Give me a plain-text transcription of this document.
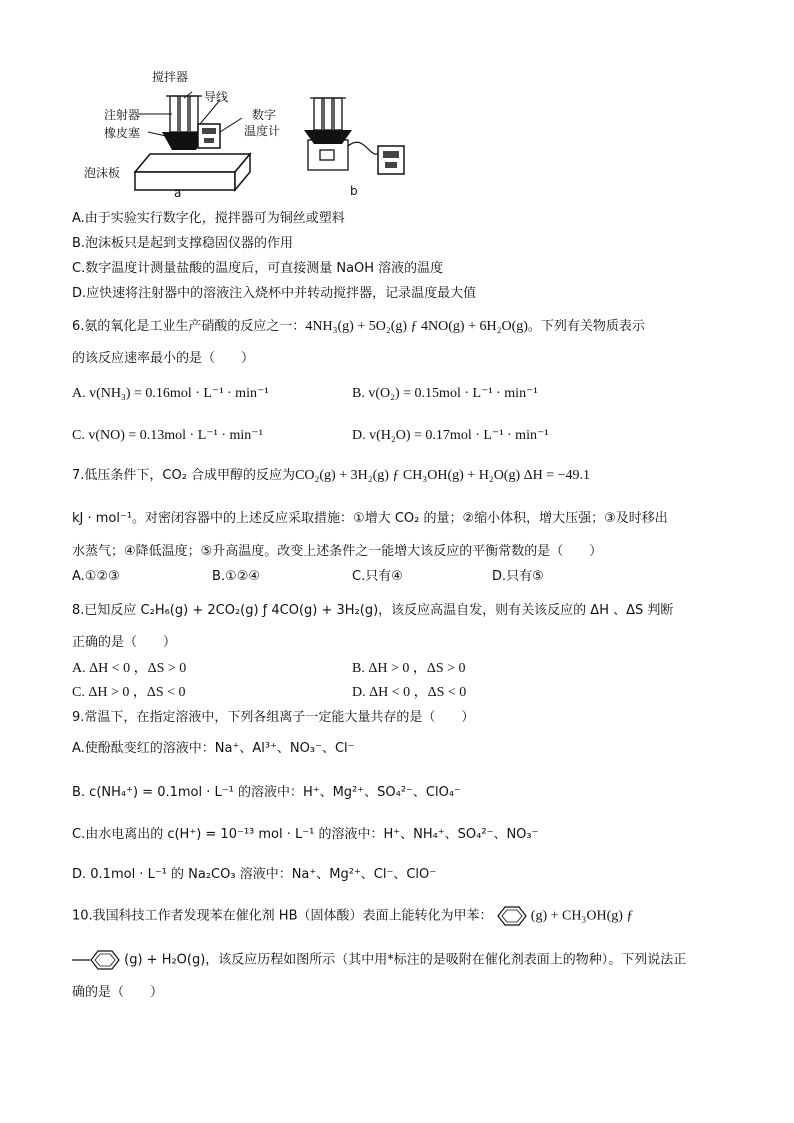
搅拌器
导线
注射器	数字
温度计
橡皮塞
泡沫板
a	b
A.由于实验实行数字化，搅拌器可为铜丝或塑料
B.泡沫板只是起到支撑稳固仪器的作用
C.数字温度计测量盐酸的温度后，可直接测量 NaOH 溶液的温度
D.应快速将注射器中的溶液注入烧杯中并转动搅拌器，记录温度最大值
6.氨的氧化是工业生产硝酸的反应之一：4NH₃(g) + 5O₂(g) ƒ 4NO(g) + 6H₂O(g)。下列有关物质表示
的该反应速率最小的是（　　）
A. v(NH₃) = 0.16mol · L⁻¹ · min⁻¹	B. v(O₂) = 0.15mol · L⁻¹ · min⁻¹
C. v(NO) = 0.13mol · L⁻¹ · min⁻¹	D. v(H₂O) = 0.17mol · L⁻¹ · min⁻¹
7.低压条件下，CO₂ 合成甲醇的反应为CO₂(g) + 3H₂(g) ƒ CH₃OH(g) + H₂O(g) ΔH = −49.1
kJ · mol⁻¹。对密闭容器中的上述反应采取措施：①增大 CO₂ 的量；②缩小体积，增大压强；③及时移出
水蒸气；④降低温度；⑤升高温度。改变上述条件之一能增大该反应的平衡常数的是（　　）
A.①②③	B.①②④	C.只有④	D.只有⑤
8.已知反应 C₂H₆(g) + 2CO₂(g) ƒ 4CO(g) + 3H₂(g)，该反应高温自发，则有关该反应的 ΔH 、ΔS 判断
正确的是（　　）
A. ΔH < 0 ，ΔS > 0	B. ΔH > 0 ，ΔS > 0
C. ΔH > 0 ，ΔS < 0	D. ΔH < 0 ，ΔS < 0
9.常温下，在指定溶液中，下列各组离子一定能大量共存的是（　　）
A.使酚酞变红的溶液中：Na⁺、Al³⁺、NO₃⁻、Cl⁻
B. c(NH₄⁺) = 0.1mol · L⁻¹ 的溶液中：H⁺、Mg²⁺、SO₄²⁻、ClO₄⁻
C.由水电离出的 c(H⁺) = 10⁻¹³ mol · L⁻¹ 的溶液中：H⁺、NH₄⁺、SO₄²⁻、NO₃⁻
D. 0.1mol · L⁻¹ 的 Na₂CO₃ 溶液中：Na⁺、Mg²⁺、Cl⁻、ClO⁻
10.我国科技工作者发现苯在催化剂 HB（固体酸）表面上能转化为甲苯：	(g) + CH₃OH(g) ƒ
(g) + H₂O(g)，该反应历程如图所示（其中用*标注的是吸附在催化剂表面上的物种）。下列说法正
确的是（　　）
